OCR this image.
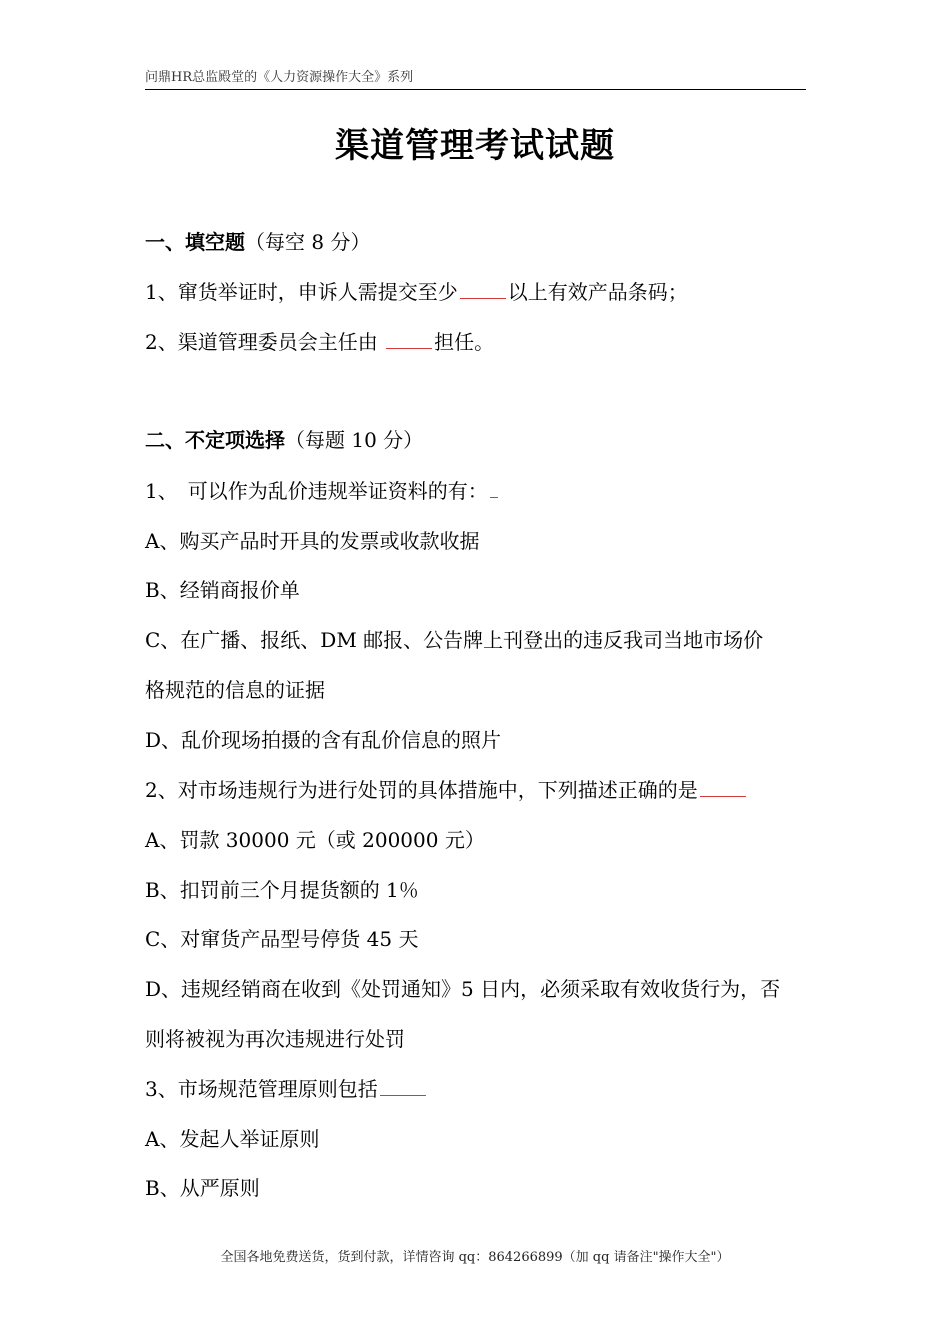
问鼎HR总监殿堂的《人力资源操作大全》系列
渠道管理考试试题
一、填空题（每空 8 分）
1、窜货举证时，申诉人需提交至少	以上有效产品条码；
2、渠道管理委员会主任由	担任。
二、不定项选择（每题 10 分）
1、　可以作为乱价违规举证资料的有：
A、购买产品时开具的发票或收款收据
B、经销商报价单
C、在广播、报纸、DM 邮报、公告牌上刊登出的违反我司当地市场价
格规范的信息的证据
D、乱价现场拍摄的含有乱价信息的照片
2、对市场违规行为进行处罚的具体措施中，下列描述正确的是
A、罚款 30000 元（或 200000 元）
B、扣罚前三个月提货额的 1％
C、对窜货产品型号停货 45 天
D、违规经销商在收到《处罚通知》5 日内，必须采取有效收货行为，否
则将被视为再次违规进行处罚
3、市场规范管理原则包括
A、发起人举证原则
B、从严原则
全国各地免费送货，货到付款，详情咨询 qq：864266899（加 qq 请备注"操作大全"）
